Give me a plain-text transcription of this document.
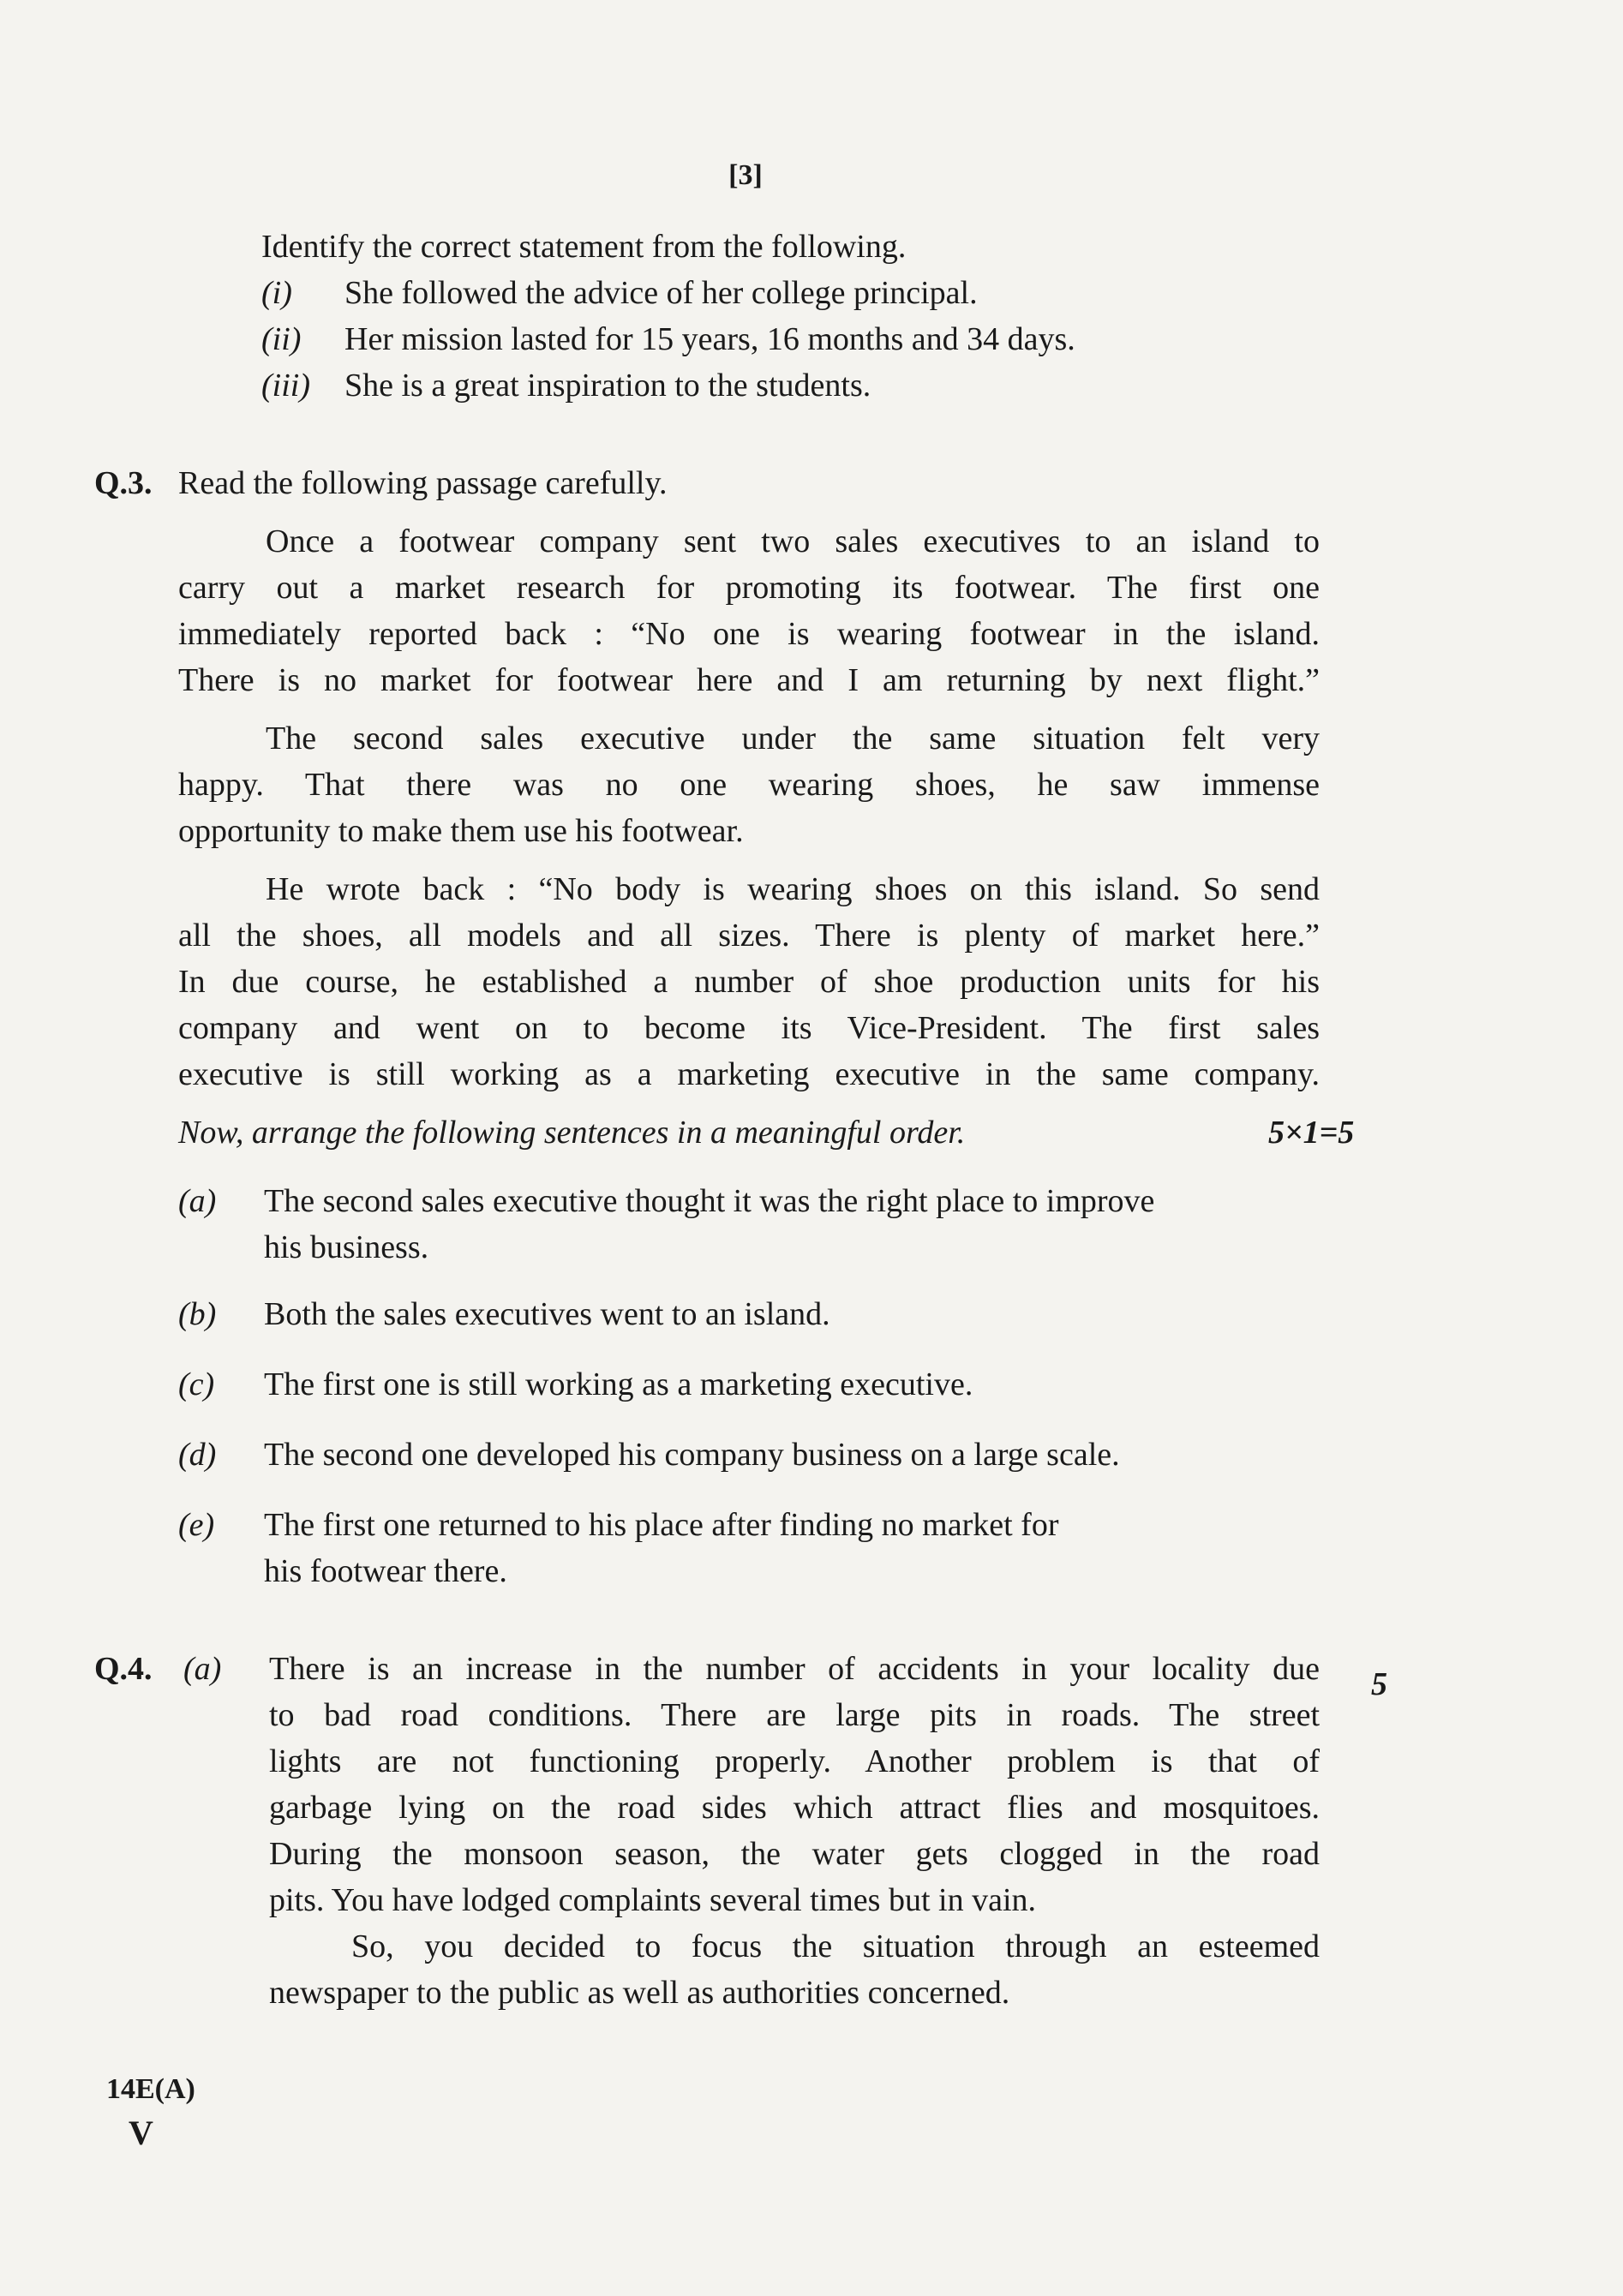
[3]
Identify the correct statement from the following.
(i) She followed the advice of her college principal.
(ii) Her mission lasted for 15 years, 16 months and 34 days.
(iii) She is a great inspiration to the students.
Q.3. Read the following passage carefully.
Once a footwear company sent two sales executives to an island to
carry out a market research for promoting its footwear. The first one
immediately reported back : “No one is wearing footwear in the island.
There is no market for footwear here and I am returning by next flight.”
The second sales executive under the same situation felt very
happy. That there was no one wearing shoes, he saw immense
opportunity to make them use his footwear.
He wrote back : “No body is wearing shoes on this island. So send
all the shoes, all models and all sizes. There is plenty of market here.”
In due course, he established a number of shoe production units for his
company and went on to become its Vice-President. The first sales
executive is still working as a marketing executive in the same company.
Now, arrange the following sentences in a meaningful order.	5×1=5
(a) The second sales executive thought it was the right place to improve
his business.
(b) Both the sales executives went to an island.
(c) The first one is still working as a marketing executive.
(d) The second one developed his company business on a large scale.
(e) The first one returned to his place after finding no market for
his footwear there.
Q.4. (a)	5
There is an increase in the number of accidents in your locality due
to bad road conditions. There are large pits in roads. The street
lights are not functioning properly. Another problem is that of
garbage lying on the road sides which attract flies and mosquitoes.
During the monsoon season, the water gets clogged in the road
pits. You have lodged complaints several times but in vain.
So, you decided to focus the situation through an esteemed
newspaper to the public as well as authorities concerned.
14E(A)
V
